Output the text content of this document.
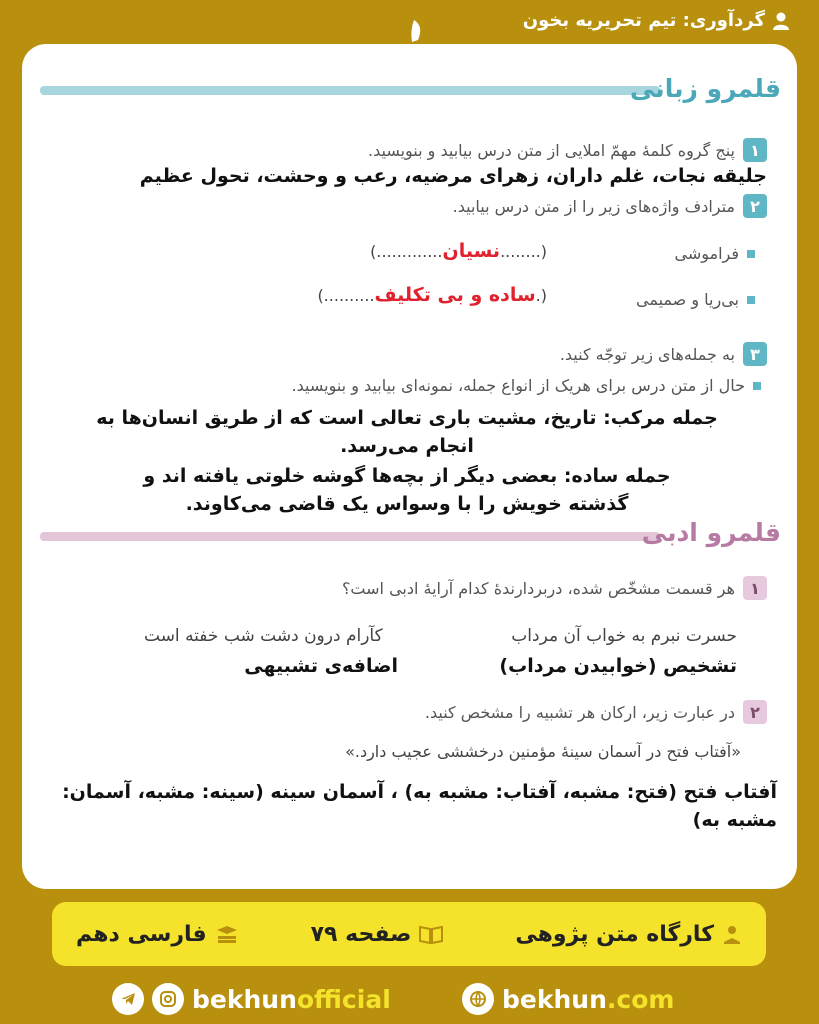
گردآوری: تیم تحریریه بخون
قلمرو زبانی
۱
پنج گروه کلمهٔ مهمّ املایی از متن درس بیابید و بنویسید.
جلیقه نجات، غلم داران، زهرای مرضیه، رعب و وحشت، تحول عظیم
۲
مترادف واژه‌های زیر را از متن درس بیابید.
فراموشی
(........نسیان.............)
بی‌ریا و صمیمی
(.ساده و بی تکلیف..........)
۳
به جمله‌های زیر توجّه کنید.
حال از متن درس برای هریک از انواع جمله، نمونه‌ای بیابید و بنویسید.
جمله مرکب: تاریخ، مشیت باری تعالی است که از طریق انسان‌ها به
انجام می‌رسد.
جمله ساده: بعضی دیگر از بچه‌ها گوشه خلوتی یافته اند و
گذشته خویش را با وسواس یک قاضی می‌کاوند.
قلمرو ادبی
۱
هر قسمت مشخّص شده، دربردارندهٔ کدام آرایهٔ ادبی است؟
حسرت نبرم به خواب آن مرداب
کآرام درون دشت شب خفته است
تشخیص (خوابیدن مرداب)
اضافه‌ی تشبیهی
۲
در عبارت زیر، ارکان هر تشبیه را مشخص کنید.
«آفتاب فتح در آسمان سینهٔ مؤمنین درخششی عجیب دارد.»
آفتاب فتح (فتح: مشبه، آفتاب: مشبه به) ، آسمان سینه (سینه: مشبه، آسمان:
مشبه به)
کارگاه متن پژوهی
صفحه ۷۹
فارسی دهم
bekhunofficial	bekhun.com
